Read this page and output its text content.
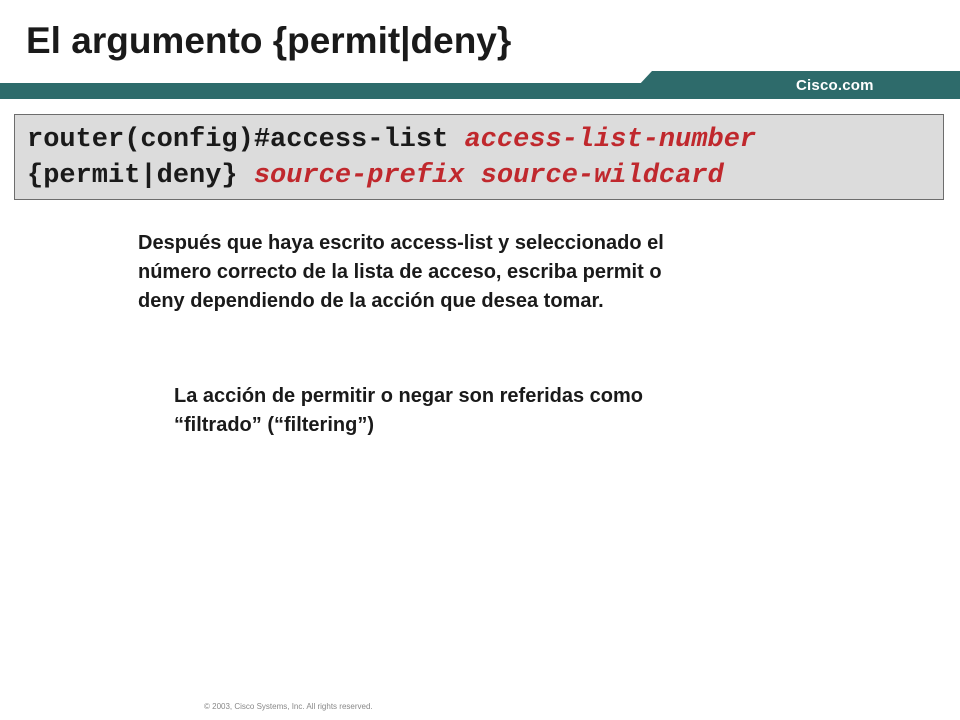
El argumento {permit|deny}
Cisco.com
router(config)#access-list access-list-number
{permit|deny} source-prefix source-wildcard
Después que haya escrito access-list y seleccionado el
número correcto de la lista de acceso, escriba permit o
deny dependiendo de la acción que desea tomar.
La acción de permitir o negar son referidas como
“filtrado” (“filtering”)
© 2003, Cisco Systems, Inc. All rights reserved.
